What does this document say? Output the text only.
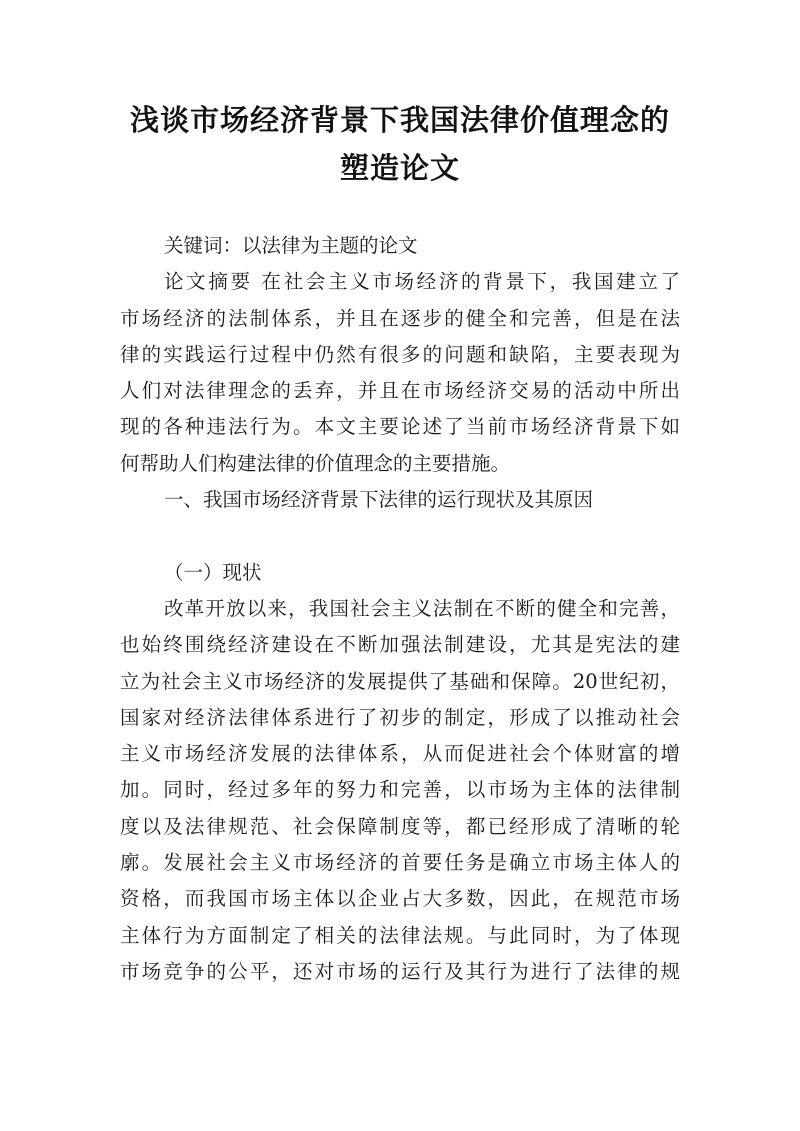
浅谈市场经济背景下我国法律价值理念的
塑造论文
关键词：以法律为主题的论文
论文摘要 在社会主义市场经济的背景下，我国建立了
市场经济的法制体系，并且在逐步的健全和完善，但是在法
律的实践运行过程中仍然有很多的问题和缺陷，主要表现为
人们对法律理念的丢弃，并且在市场经济交易的活动中所出
现的各种违法行为。本文主要论述了当前市场经济背景下如
何帮助人们构建法律的价值理念的主要措施。
一、我国市场经济背景下法律的运行现状及其原因
（一）现状
改革开放以来，我国社会主义法制在不断的健全和完善，
也始终围绕经济建设在不断加强法制建设，尤其是宪法的建
立为社会主义市场经济的发展提供了基础和保障。20世纪初，
国家对经济法律体系进行了初步的制定，形成了以推动社会
主义市场经济发展的法律体系，从而促进社会个体财富的增
加。同时，经过多年的努力和完善，以市场为主体的法律制
度以及法律规范、社会保障制度等，都已经形成了清晰的轮
廓。发展社会主义市场经济的首要任务是确立市场主体人的
资格，而我国市场主体以企业占大多数，因此，在规范市场
主体行为方面制定了相关的法律法规。与此同时，为了体现
市场竞争的公平，还对市场的运行及其行为进行了法律的规
